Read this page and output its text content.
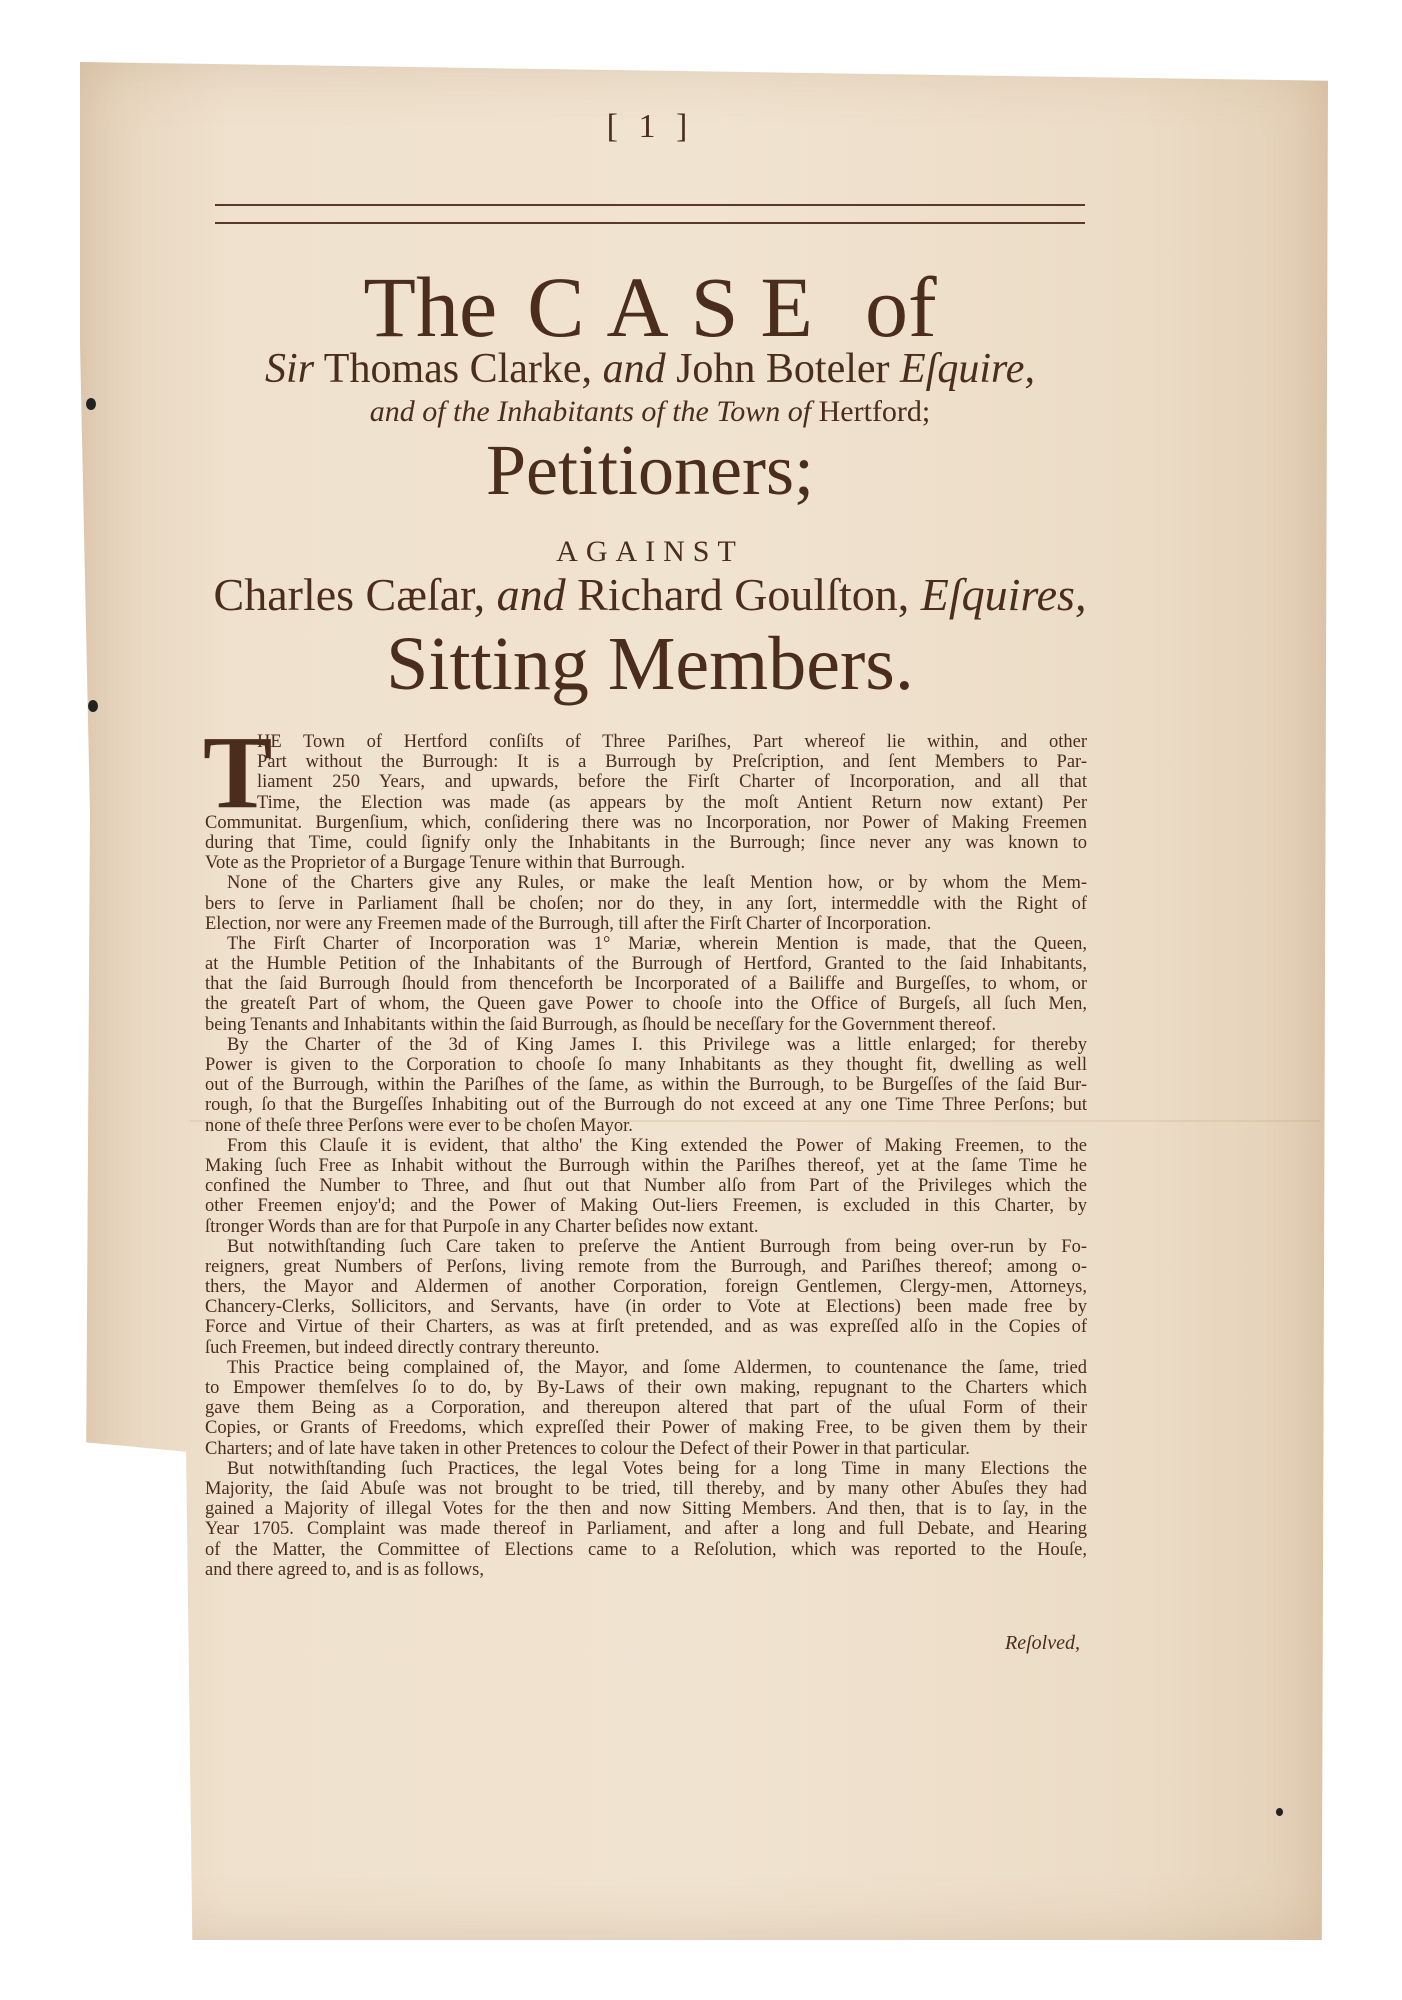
[ 1 ]
The CASE of
Sir Thomas Clarke, and John Boteler Eſquire,
and of the Inhabitants of the Town of Hertford;
Petitioners;
AGAINST
Charles Cæſar, and Richard Goulſton, Eſquires,
Sitting Members.
T
HE Town of Hertford conſiſts of Three Pariſhes, Part whereof lie within, and other
Part without the Burrough: It is a Burrough by Preſcription, and ſent Members to Par-
liament 250 Years, and upwards, before the Firſt Charter of Incorporation, and all that
Time, the Election was made (as appears by the moſt Antient Return now extant) Per
Communitat. Burgenſium, which, conſidering there was no Incorporation, nor Power of Making Freemen
during that Time, could ſignify only the Inhabitants in the Burrough; ſince never any was known to
Vote as the Proprietor of a Burgage Tenure within that Burrough.
None of the Charters give any Rules, or make the leaſt Mention how, or by whom the Mem-
bers to ſerve in Parliament ſhall be choſen; nor do they, in any ſort, intermeddle with the Right of
Election, nor were any Freemen made of the Burrough, till after the Firſt Charter of Incorporation.
The Firſt Charter of Incorporation was 1° Mariæ, wherein Mention is made, that the Queen,
at the Humble Petition of the Inhabitants of the Burrough of Hertford, Granted to the ſaid Inhabitants,
that the ſaid Burrough ſhould from thenceforth be Incorporated of a Bailiffe and Burgeſſes, to whom, or
the greateſt Part of whom, the Queen gave Power to chooſe into the Office of Burgeſs, all ſuch Men,
being Tenants and Inhabitants within the ſaid Burrough, as ſhould be neceſſary for the Government thereof.
By the Charter of the 3d of King James I. this Privilege was a little enlarged; for thereby
Power is given to the Corporation to chooſe ſo many Inhabitants as they thought fit, dwelling as well
out of the Burrough, within the Pariſhes of the ſame, as within the Burrough, to be Burgeſſes of the ſaid Bur-
rough, ſo that the Burgeſſes Inhabiting out of the Burrough do not exceed at any one Time Three Perſons; but
none of theſe three Perſons were ever to be choſen Mayor.
From this Clauſe it is evident, that altho' the King extended the Power of Making Freemen, to the
Making ſuch Free as Inhabit without the Burrough within the Pariſhes thereof, yet at the ſame Time he
confined the Number to Three, and ſhut out that Number alſo from Part of the Privileges which the
other Freemen enjoy'd; and the Power of Making Out-liers Freemen, is excluded in this Charter, by
ſtronger Words than are for that Purpoſe in any Charter beſides now extant.
But notwithſtanding ſuch Care taken to preſerve the Antient Burrough from being over-run by Fo-
reigners, great Numbers of Perſons, living remote from the Burrough, and Pariſhes thereof; among o-
thers, the Mayor and Aldermen of another Corporation, foreign Gentlemen, Clergy-men, Attorneys,
Chancery-Clerks, Sollicitors, and Servants, have (in order to Vote at Elections) been made free by
Force and Virtue of their Charters, as was at firſt pretended, and as was expreſſed alſo in the Copies of
ſuch Freemen, but indeed directly contrary thereunto.
This Practice being complained of, the Mayor, and ſome Aldermen, to countenance the ſame, tried
to Empower themſelves ſo to do, by By-Laws of their own making, repugnant to the Charters which
gave them Being as a Corporation, and thereupon altered that part of the uſual Form of their
Copies, or Grants of Freedoms, which expreſſed their Power of making Free, to be given them by their
Charters; and of late have taken in other Pretences to colour the Defect of their Power in that particular.
But notwithſtanding ſuch Practices, the legal Votes being for a long Time in many Elections the
Majority, the ſaid Abuſe was not brought to be tried, till thereby, and by many other Abuſes they had
gained a Majority of illegal Votes for the then and now Sitting Members. And then, that is to ſay, in the
Year 1705. Complaint was made thereof in Parliament, and after a long and full Debate, and Hearing
of the Matter, the Committee of Elections came to a Reſolution, which was reported to the Houſe,
and there agreed to, and is as follows,
Reſolved,
